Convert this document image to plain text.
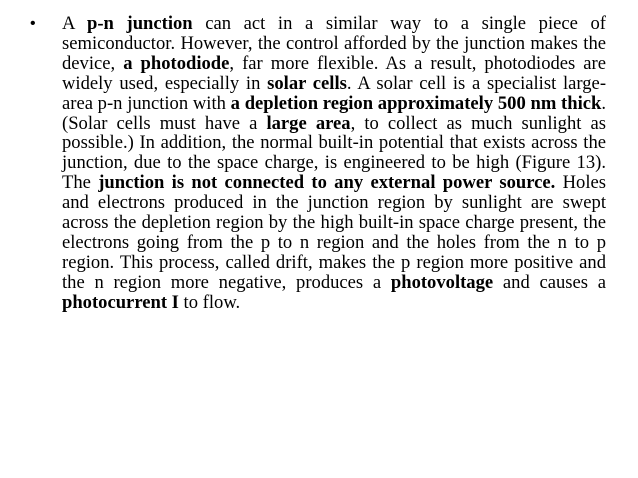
•	A p-n junction can act in a similar way to a single piece of semiconductor. However, the control afforded by the junction makes the device, a photodiode, far more flexible. As a result, photodiodes are widely used, especially in solar cells. A solar cell is a specialist large-area p-n junction with a depletion region approximately 500 nm thick. (Solar cells must have a large area, to collect as much sunlight as possible.) In addition, the normal built-in potential that exists across the junction, due to the space charge, is engineered to be high (Figure 13). The junction is not connected to any external power source. Holes and electrons produced in the junction region by sunlight are swept across the depletion region by the high built-in space charge present, the electrons going from the p to n region and the holes from the n to p region. This process, called drift, makes the p region more positive and the n region more negative, produces a photovoltage and causes a photocurrent I to flow.
